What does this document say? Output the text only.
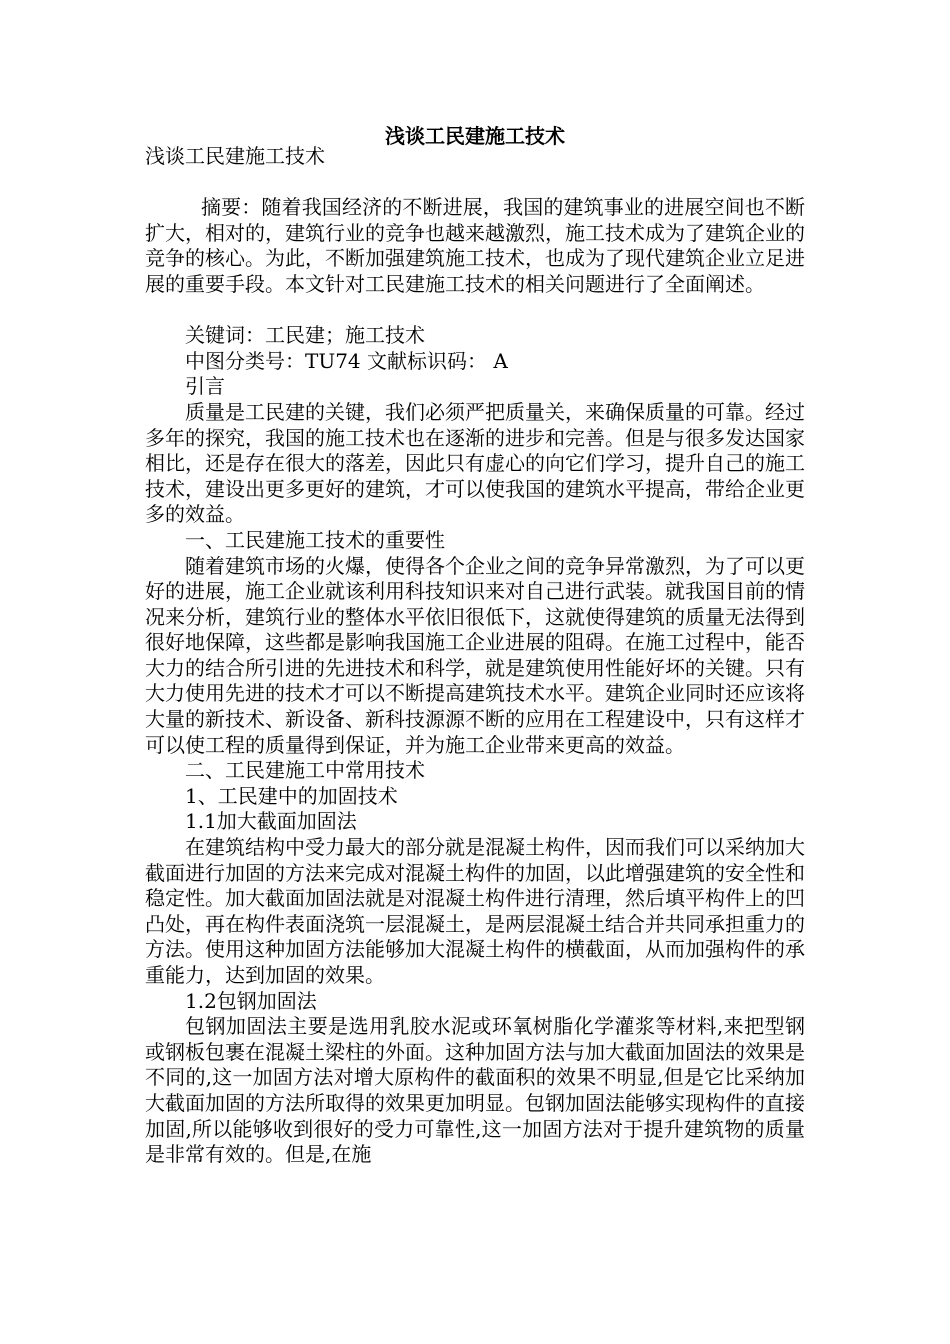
浅谈工民建施工技术

浅谈工民建施工技术

摘要：随着我国经济的不断进展，我国的建筑事业的进展空间也不断扩大，相对的，建筑行业的竞争也越来越激烈，施工技术成为了建筑企业的竞争的核心。为此，不断加强建筑施工技术，也成为了现代建筑企业立足进展的重要手段。本文针对工民建施工技术的相关问题进行了全面阐述。

关键词：工民建；施工技术

中图分类号：TU74 文献标识码： A

引言

质量是工民建的关键，我们必须严把质量关，来确保质量的可靠。经过多年的探究，我国的施工技术也在逐渐的进步和完善。但是与很多发达国家相比，还是存在很大的落差，因此只有虚心的向它们学习，提升自己的施工技术，建设出更多更好的建筑，才可以使我国的建筑水平提高，带给企业更多的效益。

一、工民建施工技术的重要性

随着建筑市场的火爆，使得各个企业之间的竞争异常激烈，为了可以更好的进展，施工企业就该利用科技知识来对自己进行武装。就我国目前的情况来分析，建筑行业的整体水平依旧很低下，这就使得建筑的质量无法得到很好地保障，这些都是影响我国施工企业进展的阻碍。在施工过程中，能否大力的结合所引进的先进技术和科学，就是建筑使用性能好坏的关键。只有大力使用先进的技术才可以不断提高建筑技术水平。建筑企业同时还应该将大量的新技术、新设备、新科技源源不断的应用在工程建设中，只有这样才可以使工程的质量得到保证，并为施工企业带来更高的效益。

二、工民建施工中常用技术

1、工民建中的加固技术

1.1加大截面加固法

在建筑结构中受力最大的部分就是混凝土构件，因而我们可以采纳加大截面进行加固的方法来完成对混凝土构件的加固，以此增强建筑的安全性和稳定性。加大截面加固法就是对混凝土构件进行清理，然后填平构件上的凹凸处，再在构件表面浇筑一层混凝土，是两层混凝土结合并共同承担重力的方法。使用这种加固方法能够加大混凝土构件的横截面，从而加强构件的承重能力，达到加固的效果。

1.2包钢加固法

包钢加固法主要是选用乳胶水泥或环氧树脂化学灌浆等材料,来把型钢或钢板包裹在混凝土梁柱的外面。这种加固方法与加大截面加固法的效果是不同的,这一加固方法对增大原构件的截面积的效果不明显,但是它比采纳加大截面加固的方法所取得的效果更加明显。包钢加固法能够实现构件的直接加固,所以能够收到很好的受力可靠性,这一加固方法对于提升建筑物的质量是非常有效的。但是,在施
